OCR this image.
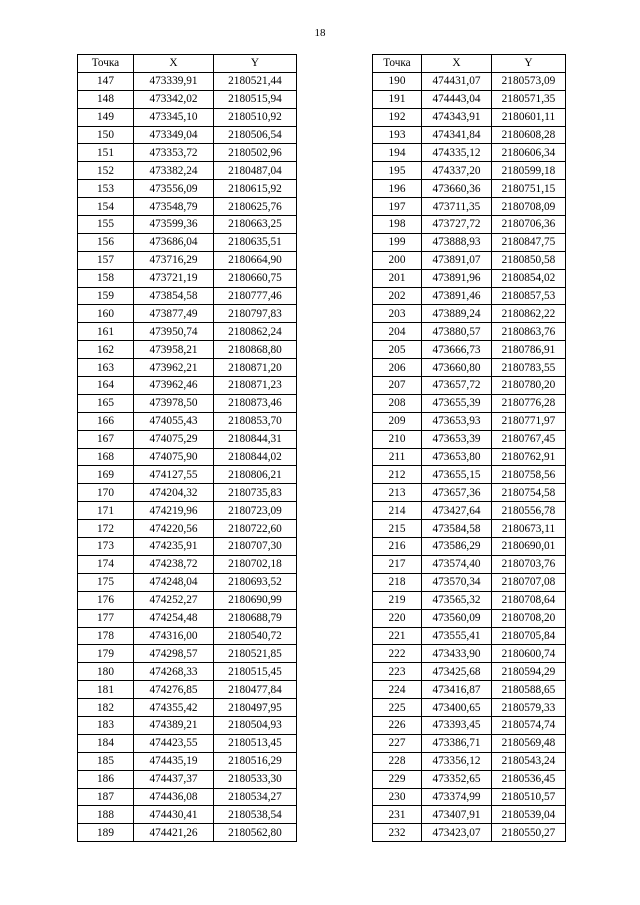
18
Точка	X	Y
147	473339,91	2180521,44
148	473342,02	2180515,94
149	473345,10	2180510,92
150	473349,04	2180506,54
151	473353,72	2180502,96
152	473382,24	2180487,04
153	473556,09	2180615,92
154	473548,79	2180625,76
155	473599,36	2180663,25
156	473686,04	2180635,51
157	473716,29	2180664,90
158	473721,19	2180660,75
159	473854,58	2180777,46
160	473877,49	2180797,83
161	473950,74	2180862,24
162	473958,21	2180868,80
163	473962,21	2180871,20
164	473962,46	2180871,23
165	473978,50	2180873,46
166	474055,43	2180853,70
167	474075,29	2180844,31
168	474075,90	2180844,02
169	474127,55	2180806,21
170	474204,32	2180735,83
171	474219,96	2180723,09
172	474220,56	2180722,60
173	474235,91	2180707,30
174	474238,72	2180702,18
175	474248,04	2180693,52
176	474252,27	2180690,99
177	474254,48	2180688,79
178	474316,00	2180540,72
179	474298,57	2180521,85
180	474268,33	2180515,45
181	474276,85	2180477,84
182	474355,42	2180497,95
183	474389,21	2180504,93
184	474423,55	2180513,45
185	474435,19	2180516,29
186	474437,37	2180533,30
187	474436,08	2180534,27
188	474430,41	2180538,54
189	474421,26	2180562,80
Точка	X	Y
190	474431,07	2180573,09
191	474443,04	2180571,35
192	474343,91	2180601,11
193	474341,84	2180608,28
194	474335,12	2180606,34
195	474337,20	2180599,18
196	473660,36	2180751,15
197	473711,35	2180708,09
198	473727,72	2180706,36
199	473888,93	2180847,75
200	473891,07	2180850,58
201	473891,96	2180854,02
202	473891,46	2180857,53
203	473889,24	2180862,22
204	473880,57	2180863,76
205	473666,73	2180786,91
206	473660,80	2180783,55
207	473657,72	2180780,20
208	473655,39	2180776,28
209	473653,93	2180771,97
210	473653,39	2180767,45
211	473653,80	2180762,91
212	473655,15	2180758,56
213	473657,36	2180754,58
214	473427,64	2180556,78
215	473584,58	2180673,11
216	473586,29	2180690,01
217	473574,40	2180703,76
218	473570,34	2180707,08
219	473565,32	2180708,64
220	473560,09	2180708,20
221	473555,41	2180705,84
222	473433,90	2180600,74
223	473425,68	2180594,29
224	473416,87	2180588,65
225	473400,65	2180579,33
226	473393,45	2180574,74
227	473386,71	2180569,48
228	473356,12	2180543,24
229	473352,65	2180536,45
230	473374,99	2180510,57
231	473407,91	2180539,04
232	473423,07	2180550,27
